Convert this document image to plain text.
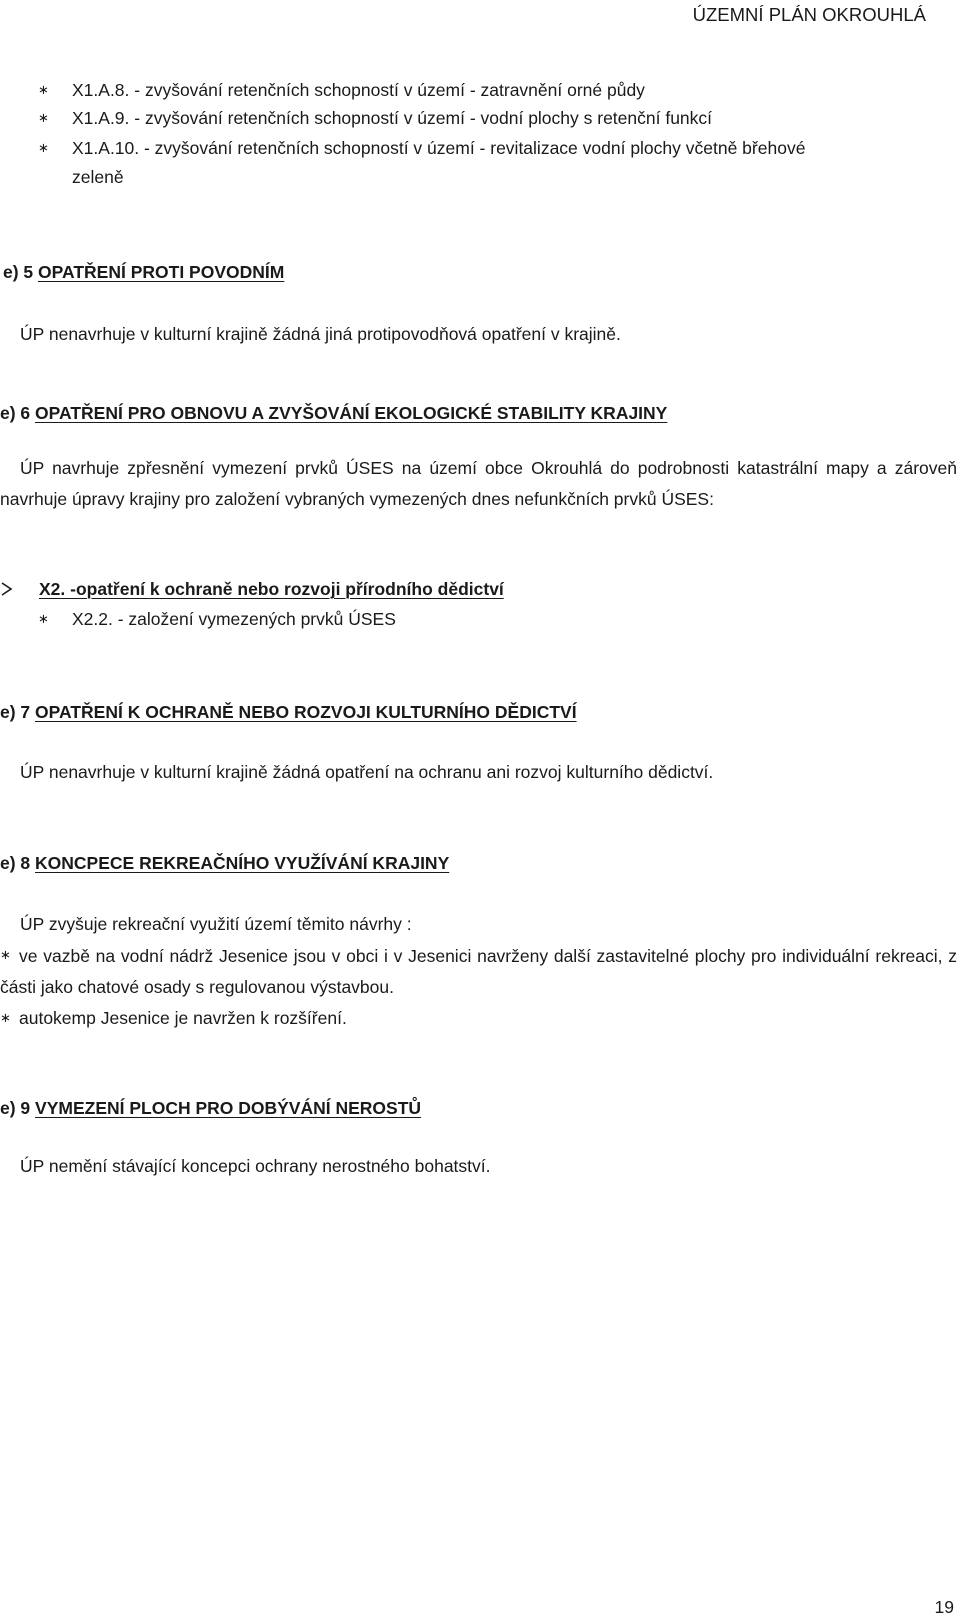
ÚZEMNÍ PLÁN OKROUHLÁ
∗ X1.A.8. - zvyšování retenčních schopností v území - zatravnění orné půdy
∗ X1.A.9. - zvyšování retenčních schopností v území - vodní plochy s retenční funkcí
∗ X1.A.10. - zvyšování retenčních schopností v území - revitalizace vodní plochy včetně břehové
zeleně
e) 5 OPATŘENÍ PROTI POVODNÍM
ÚP nenavrhuje v kulturní krajině žádná jiná protipovodňová opatření v krajině.
e) 6 OPATŘENÍ PRO OBNOVU A ZVYŠOVÁNÍ EKOLOGICKÉ STABILITY KRAJINY
ÚP navrhuje zpřesnění vymezení prvků ÚSES na území obce Okrouhlá do podrobnosti katastrální mapy a zároveň navrhuje úpravy krajiny pro založení vybraných vymezených dnes nefunkčních prvků ÚSES:
X2. -opatření k ochraně nebo rozvoji přírodního dědictví
∗ X2.2. - založení vymezených prvků ÚSES
e) 7 OPATŘENÍ K OCHRANĚ NEBO ROZVOJI KULTURNÍHO DĚDICTVÍ
ÚP nenavrhuje v kulturní krajině žádná opatření na ochranu ani rozvoj kulturního dědictví.
e) 8 KONCPECE REKREAČNÍHO VYUŽÍVÁNÍ KRAJINY
ÚP zvyšuje rekreační využití území těmito návrhy :
∗ ve vazbě na vodní nádrž Jesenice jsou v obci i v Jesenici navrženy další zastavitelné plochy pro individuální rekreaci, z části jako chatové osady s regulovanou výstavbou.
∗ autokemp Jesenice je navržen k rozšíření.
e) 9 VYMEZENÍ PLOCH PRO DOBÝVÁNÍ NEROSTŮ
ÚP nemění stávající koncepci ochrany nerostného bohatství.
19
